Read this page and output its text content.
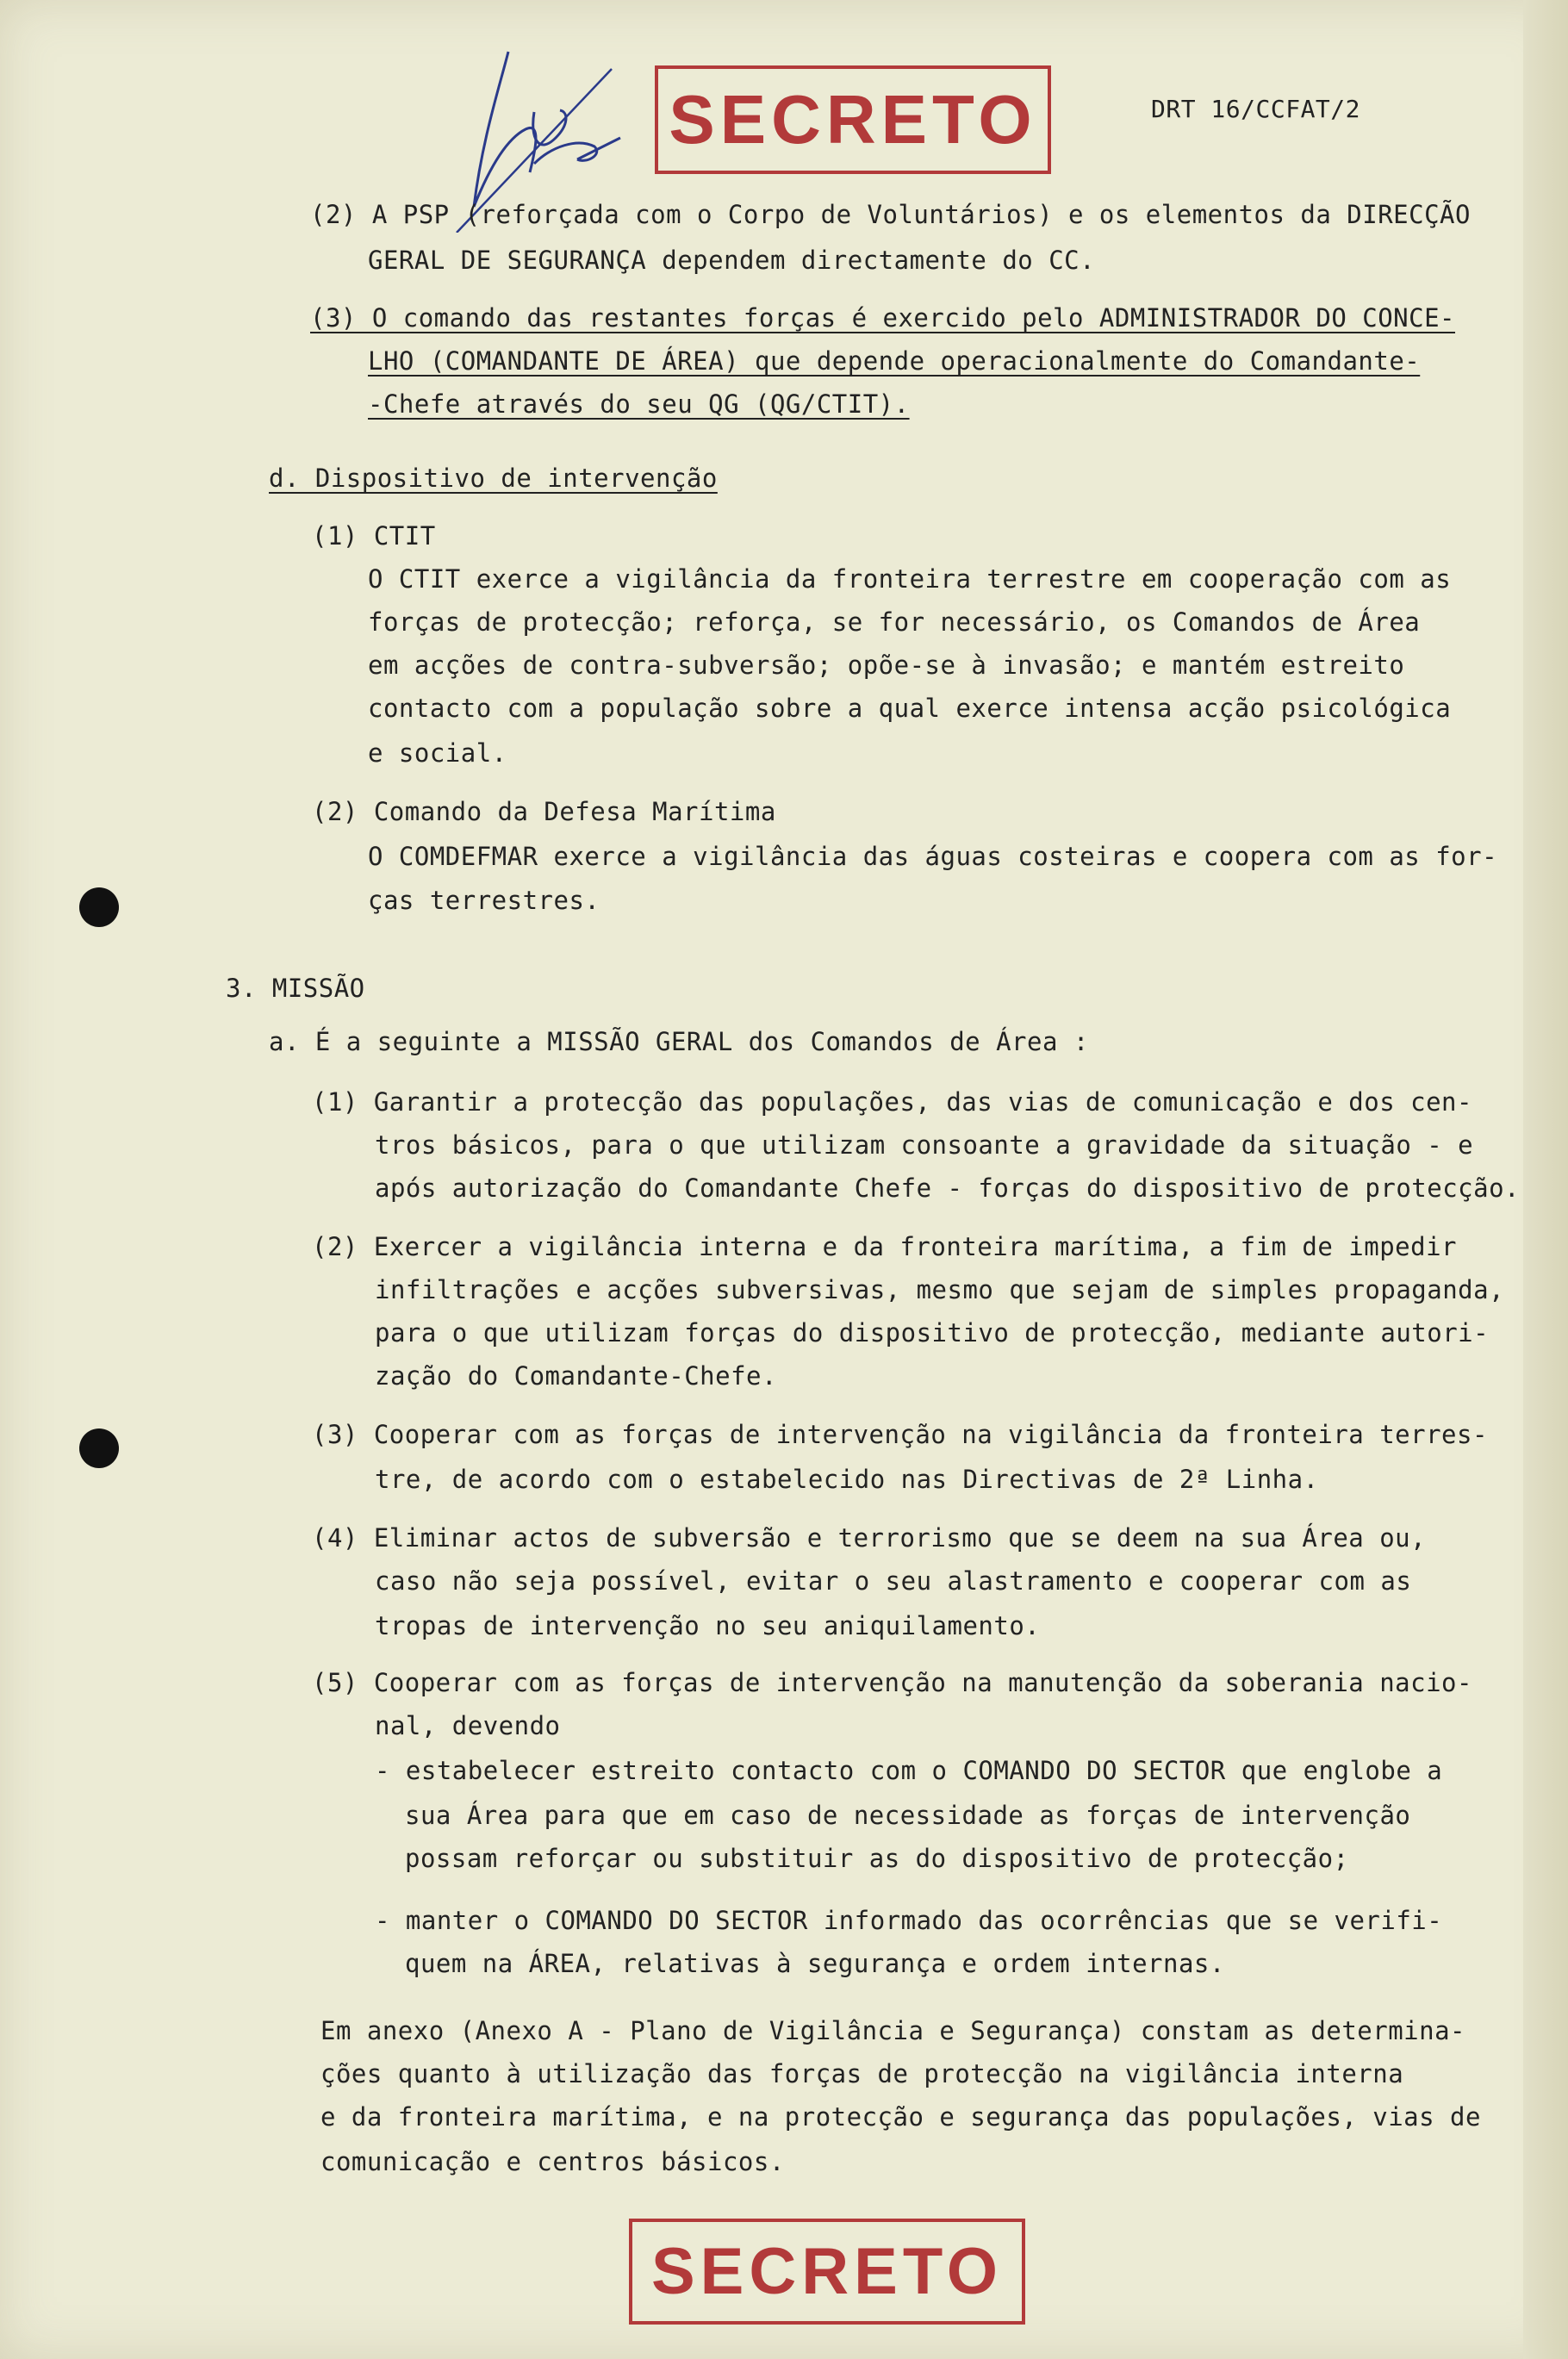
SECRETO	DRT 16/CCFAT/2
(2) A PSP (reforçada com o Corpo de Voluntários) e os elementos da DIRECÇÃO
GERAL DE SEGURANÇA dependem directamente do CC.
(3) O comando das restantes forças é exercido pelo ADMINISTRADOR DO CONCE-
LHO (COMANDANTE DE ÁREA) que depende operacionalmente do Comandante-
-Chefe através do seu QG (QG/CTIT).
d. Dispositivo de intervenção
(1) CTIT
O CTIT exerce a vigilância da fronteira terrestre em cooperação com as
forças de protecção; reforça, se for necessário, os Comandos de Área
em acções de contra-subversão; opõe-se à invasão; e mantém estreito
contacto com a população sobre a qual exerce intensa acção psicológica
e social.
(2) Comando da Defesa Marítima
O COMDEFMAR exerce a vigilância das águas costeiras e coopera com as for-
ças terrestres.
3. MISSÃO
a. É a seguinte a MISSÃO GERAL dos Comandos de Área :
(1) Garantir a protecção das populações, das vias de comunicação e dos cen-
tros básicos, para o que utilizam consoante a gravidade da situação - e
após autorização do Comandante Chefe - forças do dispositivo de protecção.
(2) Exercer a vigilância interna e da fronteira marítima, a fim de impedir
infiltrações e acções subversivas, mesmo que sejam de simples propaganda,
para o que utilizam forças do dispositivo de protecção, mediante autori-
zação do Comandante-Chefe.
(3) Cooperar com as forças de intervenção na vigilância da fronteira terres-
tre, de acordo com o estabelecido nas Directivas de 2ª Linha.
(4) Eliminar actos de subversão e terrorismo que se deem na sua Área ou,
caso não seja possível, evitar o seu alastramento e cooperar com as
tropas de intervenção no seu aniquilamento.
(5) Cooperar com as forças de intervenção na manutenção da soberania nacio-
nal, devendo
- estabelecer estreito contacto com o COMANDO DO SECTOR que englobe a
sua Área para que em caso de necessidade as forças de intervenção
possam reforçar ou substituir as do dispositivo de protecção;
- manter o COMANDO DO SECTOR informado das ocorrências que se verifi-
quem na ÁREA, relativas à segurança e ordem internas.
Em anexo (Anexo A - Plano de Vigilância e Segurança) constam as determina-
ções quanto à utilização das forças de protecção na vigilância interna
e da fronteira marítima, e na protecção e segurança das populações, vias de
comunicação e centros básicos.
SECRETO
